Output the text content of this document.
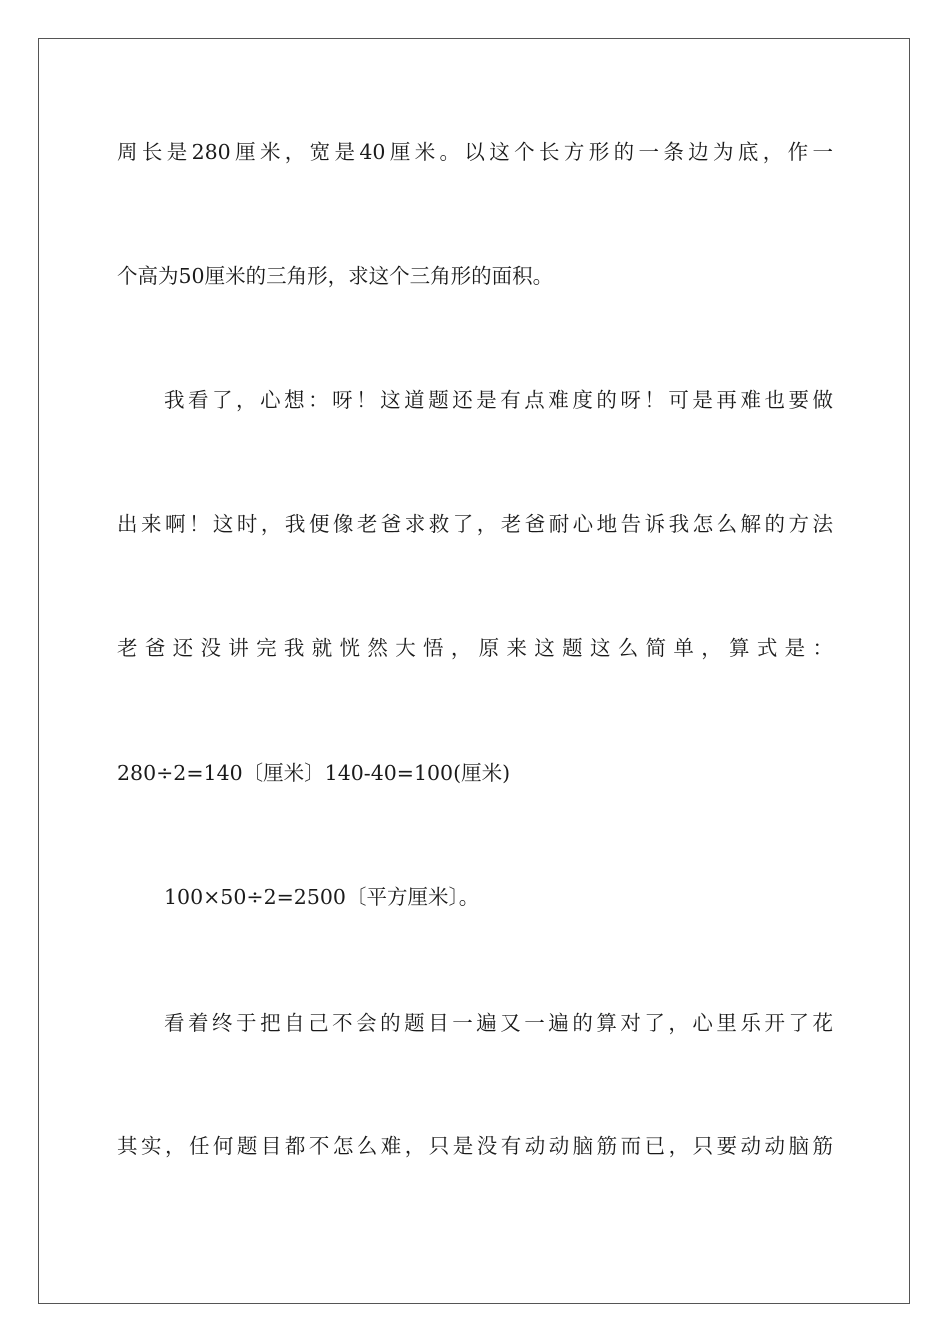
周长是280厘米，宽是40厘米。以这个长方形的一条边为底，作一
个高为50厘米的三角形，求这个三角形的面积。
我看了，心想：呀！这道题还是有点难度的呀！可是再难也要做
出来啊！这时，我便像老爸求救了，老爸耐心地告诉我怎么解的方法
老爸还没讲完我就恍然大悟，原来这题这么简单，算式是：
280÷2=140〔厘米〕140-40=100(厘米)
100×50÷2=2500〔平方厘米〕。
看着终于把自己不会的题目一遍又一遍的算对了，心里乐开了花
其实，任何题目都不怎么难，只是没有动动脑筋而已，只要动动脑筋
